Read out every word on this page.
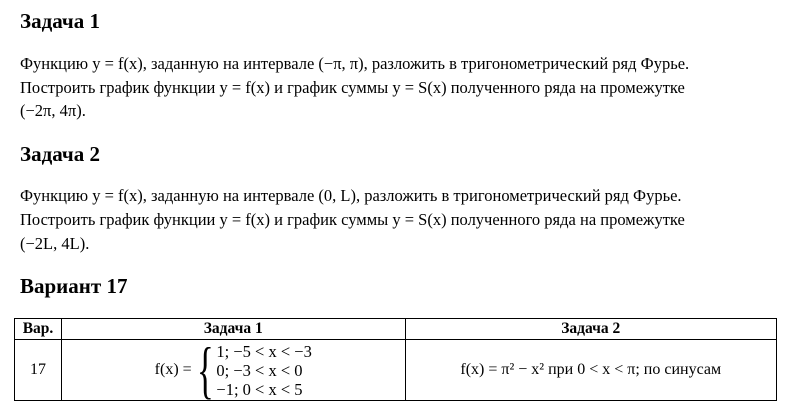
Задача 1

Функцию y = f(x), заданную на интервале (−π, π), разложить в тригонометрический ряд Фурье.

Построить график функции y = f(x) и график суммы y = S(x) полученного ряда на промежутке

(−2π, 4π).

Задача 2

Функцию y = f(x), заданную на интервале (0, L), разложить в тригонометрический ряд Фурье.

Построить график функции y = f(x) и график суммы y = S(x) полученного ряда на промежутке

(−2L, 4L).

Вариант 17
Вар.	Задача 1	Задача 2
17	f(x) = { 1; −5 < x < −3
0; −3 < x < 0
−1; 0 < x < 5	f(x) = π² − x² при 0 < x < π; по синусам
